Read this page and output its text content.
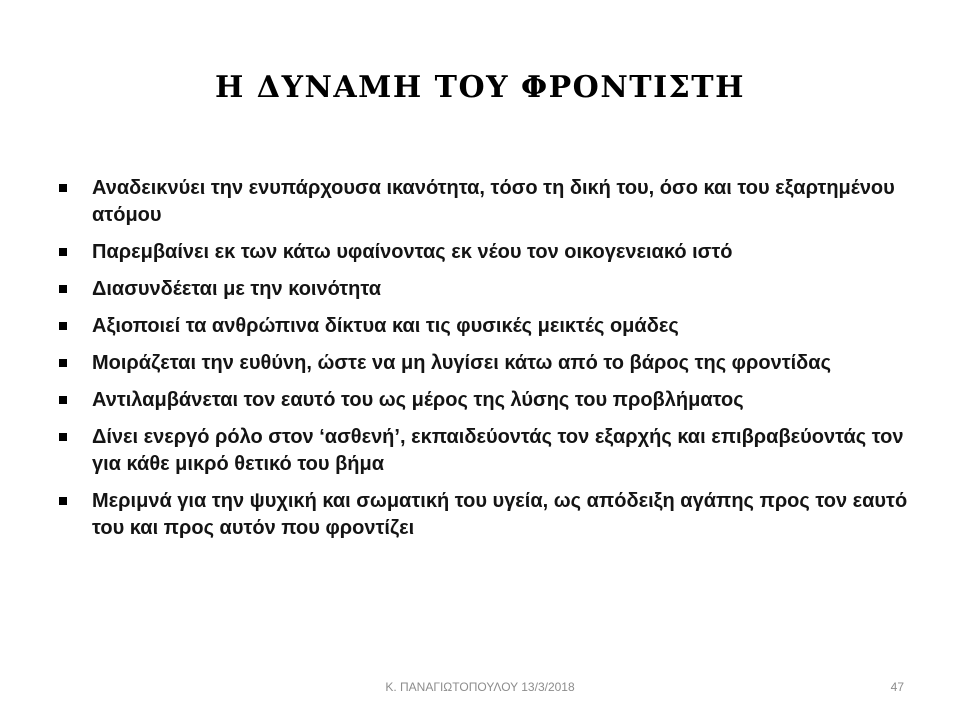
Η ΔΥΝΑΜΗ ΤΟΥ ΦΡΟΝΤΙΣΤΗ
Αναδεικνύει την ενυπάρχουσα ικανότητα, τόσο τη δική του, όσο και του εξαρτημένου ατόμου
Παρεμβαίνει εκ των κάτω υφαίνοντας εκ νέου τον οικογενειακό ιστό
Διασυνδέεται με την κοινότητα
Αξιοποιεί τα ανθρώπινα δίκτυα και τις φυσικές μεικτές ομάδες
Μοιράζεται την ευθύνη, ώστε να μη λυγίσει κάτω από το βάρος της φροντίδας
Αντιλαμβάνεται τον εαυτό του ως μέρος της λύσης του προβλήματος
Δίνει ενεργό ρόλο στον ‘ασθενή’, εκπαιδεύοντάς τον εξαρχής και επιβραβεύοντάς τον για κάθε μικρό θετικό του βήμα
Μεριμνά για την ψυχική και σωματική του υγεία, ως απόδειξη αγάπης προς τον εαυτό του και προς αυτόν που φροντίζει
Κ. ΠΑΝΑΓΙΩΤΟΠΟΥΛΟΥ 13/3/2018	47
